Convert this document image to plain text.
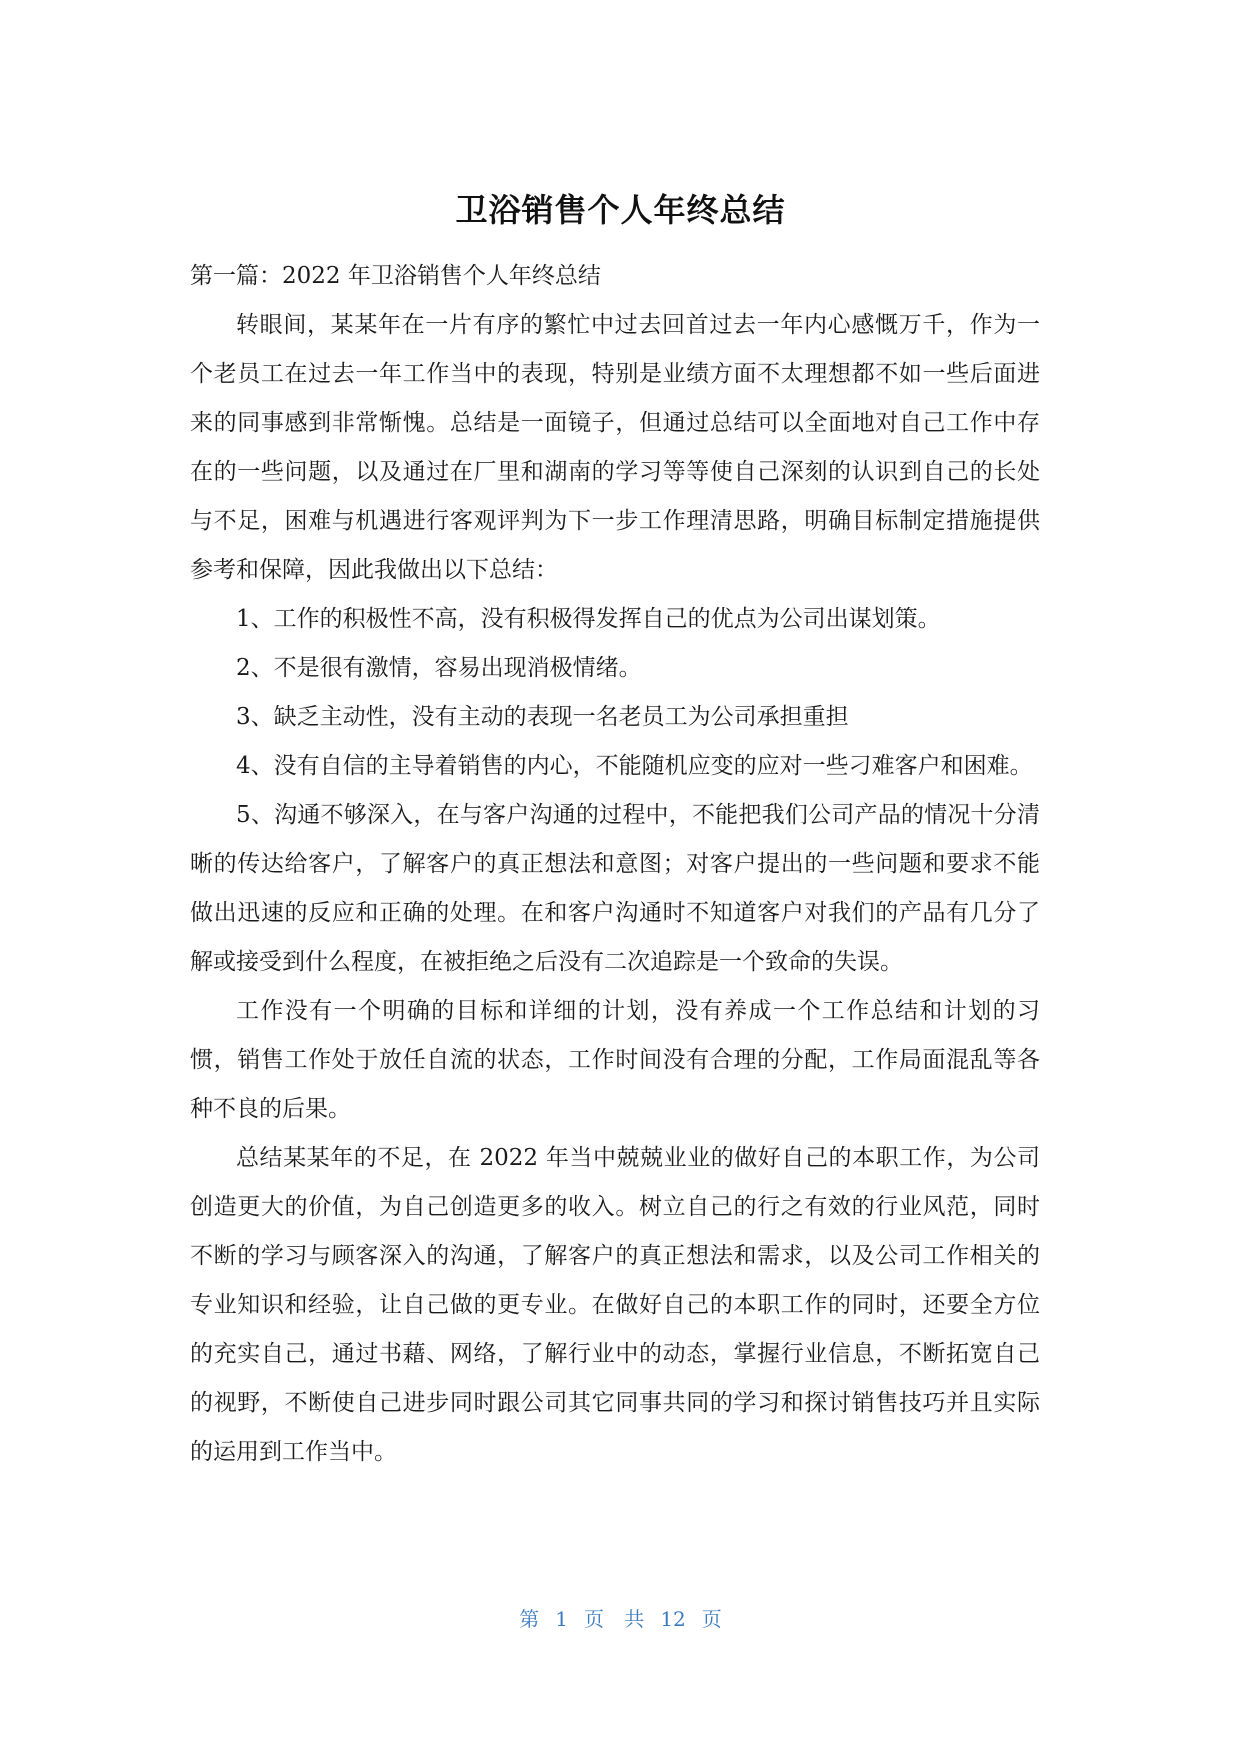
卫浴销售个人年终总结

第一篇：2022 年卫浴销售个人年终总结

转眼间，某某年在一片有序的繁忙中过去回首过去一年内心感慨万千，作为一个老员工在过去一年工作当中的表现，特别是业绩方面不太理想都不如一些后面进来的同事感到非常惭愧。总结是一面镜子，但通过总结可以全面地对自己工作中存在的一些问题，以及通过在厂里和湖南的学习等等使自己深刻的认识到自己的长处与不足，困难与机遇进行客观评判为下一步工作理清思路，明确目标制定措施提供参考和保障，因此我做出以下总结：

1、工作的积极性不高，没有积极得发挥自己的优点为公司出谋划策。

2、不是很有激情，容易出现消极情绪。

3、缺乏主动性，没有主动的表现一名老员工为公司承担重担

4、没有自信的主导着销售的内心，不能随机应变的应对一些刁难客户和困难。

5、沟通不够深入，在与客户沟通的过程中，不能把我们公司产品的情况十分清晰的传达给客户，了解客户的真正想法和意图；对客户提出的一些问题和要求不能做出迅速的反应和正确的处理。在和客户沟通时不知道客户对我们的产品有几分了解或接受到什么程度，在被拒绝之后没有二次追踪是一个致命的失误。

工作没有一个明确的目标和详细的计划，没有养成一个工作总结和计划的习惯，销售工作处于放任自流的状态，工作时间没有合理的分配，工作局面混乱等各种不良的后果。

总结某某年的不足，在 2022 年当中兢兢业业的做好自己的本职工作，为公司创造更大的价值，为自己创造更多的收入。树立自己的行之有效的行业风范，同时不断的学习与顾客深入的沟通，了解客户的真正想法和需求，以及公司工作相关的专业知识和经验，让自己做的更专业。在做好自己的本职工作的同时，还要全方位的充实自己，通过书藉、网络，了解行业中的动态，掌握行业信息，不断拓宽自己的视野，不断使自己进步同时跟公司其它同事共同的学习和探讨销售技巧并且实际的运用到工作当中。

第 1 页 共 12 页
